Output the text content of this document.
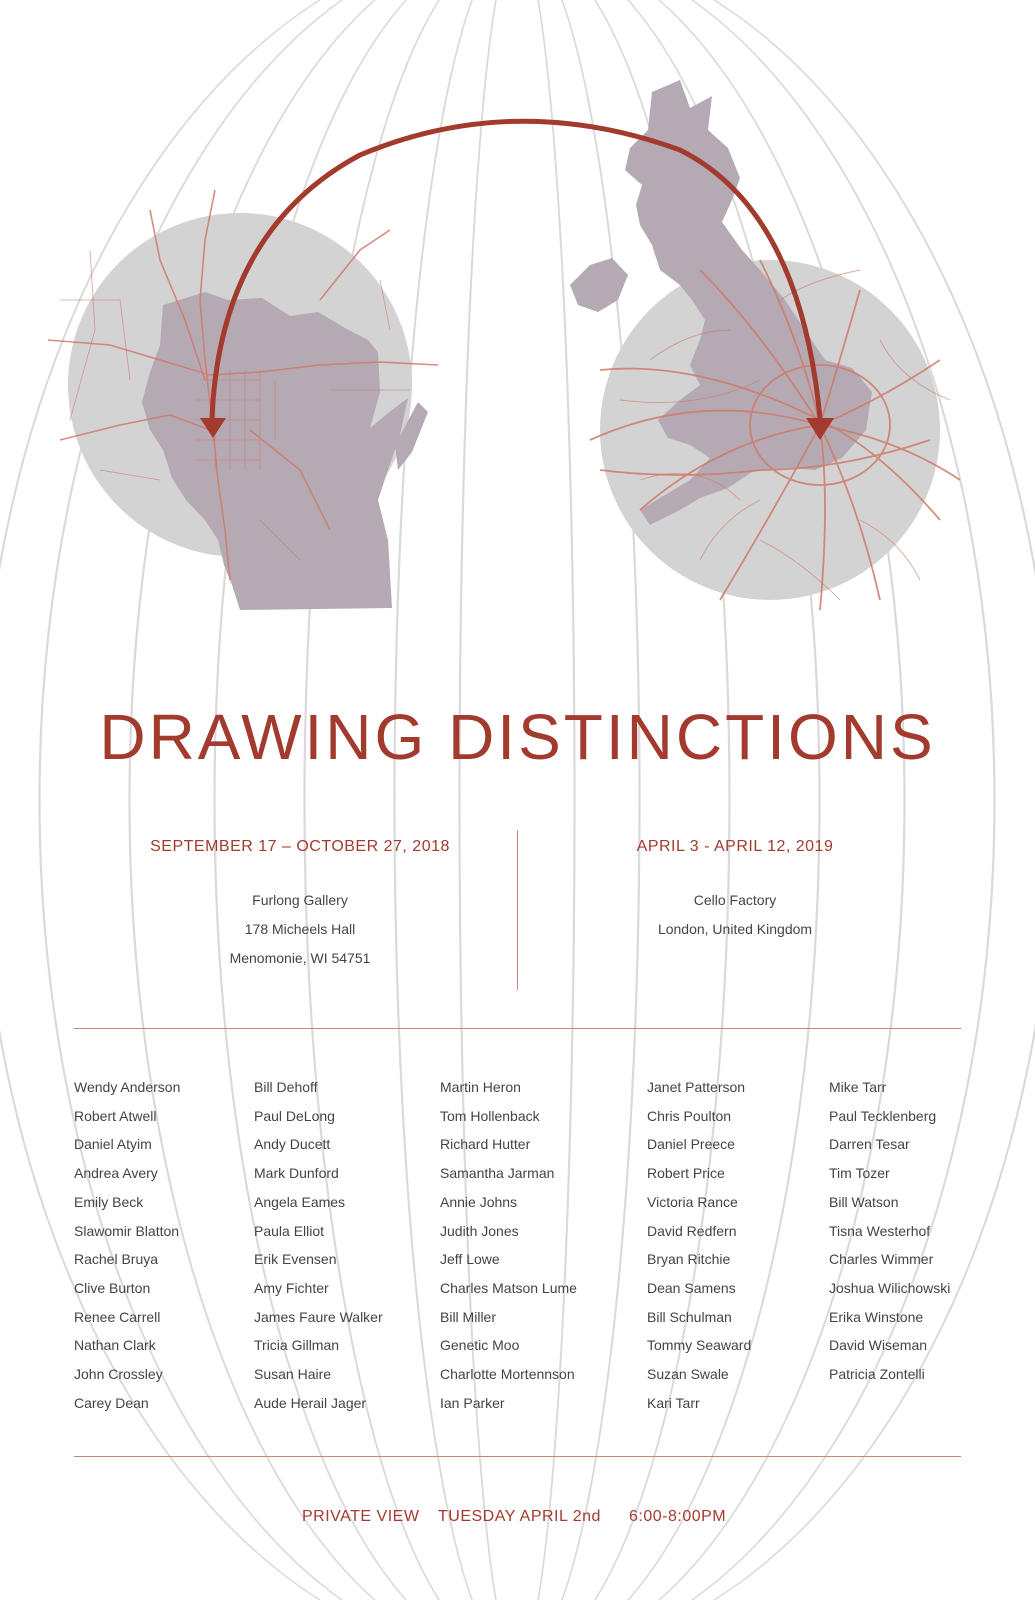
DRAWING DISTINCTIONS
SEPTEMBER 17 – OCTOBER 27, 2018
Furlong Gallery
178 Micheels Hall
Menomonie, WI 54751
APRIL 3 - APRIL 12, 2019
Cello Factory
London, United Kingdom
Wendy Anderson
Robert Atwell
Daniel Atyim
Andrea Avery
Emily Beck
Slawomir Blatton
Rachel Bruya
Clive Burton
Renee Carrell
Nathan Clark
John Crossley
Carey Dean
Bill Dehoff
Paul DeLong
Andy Ducett
Mark Dunford
Angela Eames
Paula Elliot
Erik Evensen
Amy Fichter
James Faure Walker
Tricia Gillman
Susan Haire
Aude Herail Jager
Martin Heron
Tom Hollenback
Richard Hutter
Samantha Jarman
Annie Johns
Judith Jones
Jeff Lowe
Charles Matson Lume
Bill Miller
Genetic Moo
Charlotte Mortennson
Ian Parker
Janet Patterson
Chris Poulton
Daniel Preece
Robert Price
Victoria Rance
David Redfern
Bryan Ritchie
Dean Samens
Bill Schulman
Tommy Seaward
Suzan Swale
Kari Tarr
Mike Tarr
Paul Tecklenberg
Darren Tesar
Tim Tozer
Bill Watson
Tisna Westerhof
Charles Wimmer
Joshua Wilichowski
Erika Winstone
David Wiseman
Patricia Zontelli
PRIVATE VIEW TUESDAY APRIL 2nd 6:00-8:00PM
